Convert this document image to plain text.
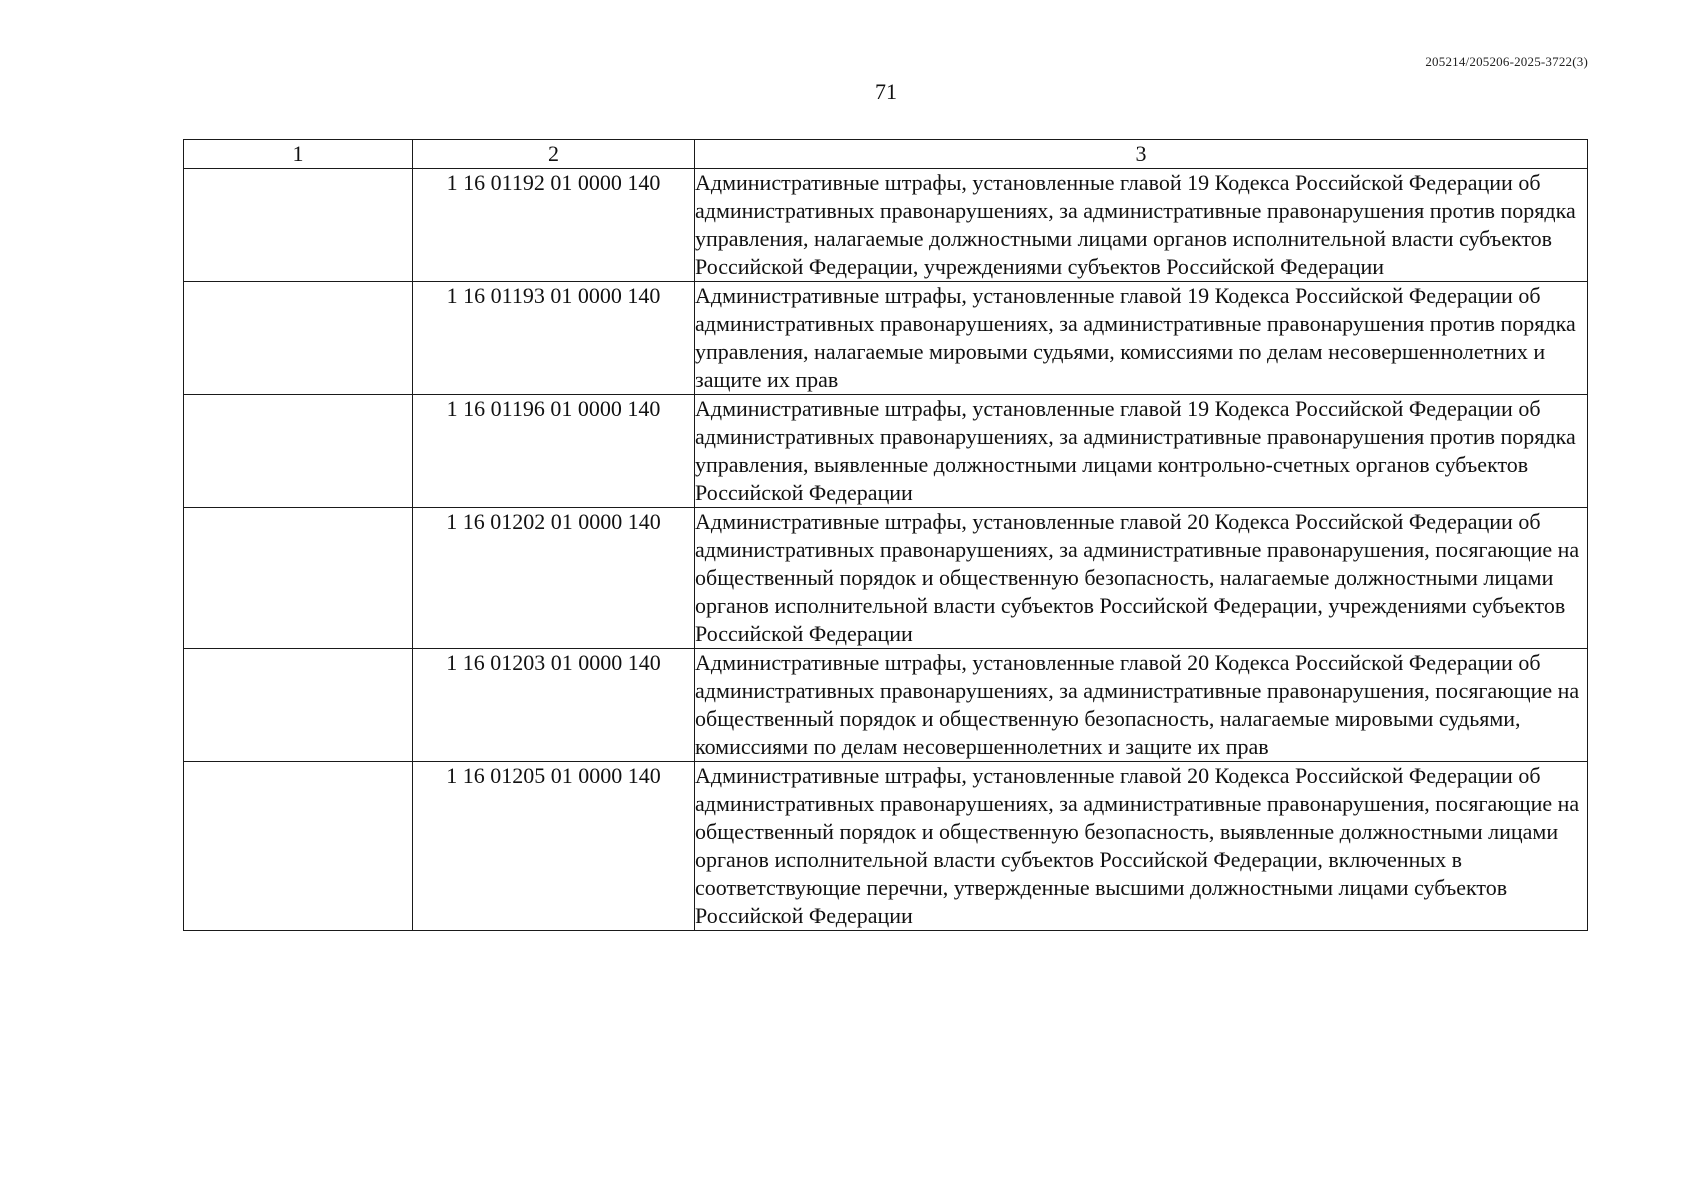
205214/205206-2025-3722(3)
71
1	2	3
	1 16 01192 01 0000 140	Административные штрафы, установленные главой 19 Кодекса Российской Федерации об административных правонарушениях, за административные правонарушения против порядка управления, налагаемые должностными лицами органов исполнительной власти субъектов Российской Федерации, учреждениями субъектов Российской Федерации
	1 16 01193 01 0000 140	Административные штрафы, установленные главой 19 Кодекса Российской Федерации об административных правонарушениях, за административные правонарушения против порядка управления, налагаемые мировыми судьями, комиссиями по делам несовершеннолетних и защите их прав
	1 16 01196 01 0000 140	Административные штрафы, установленные главой 19 Кодекса Российской Федерации об административных правонарушениях, за административные правонарушения против порядка управления, выявленные должностными лицами контрольно-счетных органов субъектов Российской Федерации
	1 16 01202 01 0000 140	Административные штрафы, установленные главой 20 Кодекса Российской Федерации об административных правонарушениях, за административные правонарушения, посягающие на общественный порядок и общественную безопасность, налагаемые должностными лицами органов исполнительной власти субъектов Российской Федерации, учреждениями субъектов Российской Федерации
	1 16 01203 01 0000 140	Административные штрафы, установленные главой 20 Кодекса Российской Федерации об административных правонарушениях, за административные правонарушения, посягающие на общественный порядок и общественную безопасность, налагаемые мировыми судьями, комиссиями по делам несовершеннолетних и защите их прав
	1 16 01205 01 0000 140	Административные штрафы, установленные главой 20 Кодекса Российской Федерации об административных правонарушениях, за административные правонарушения, посягающие на общественный порядок и общественную безопасность, выявленные должностными лицами органов исполнительной власти субъектов Российской Федерации, включенных в соответствующие перечни, утвержденные высшими должностными лицами субъектов Российской Федерации
